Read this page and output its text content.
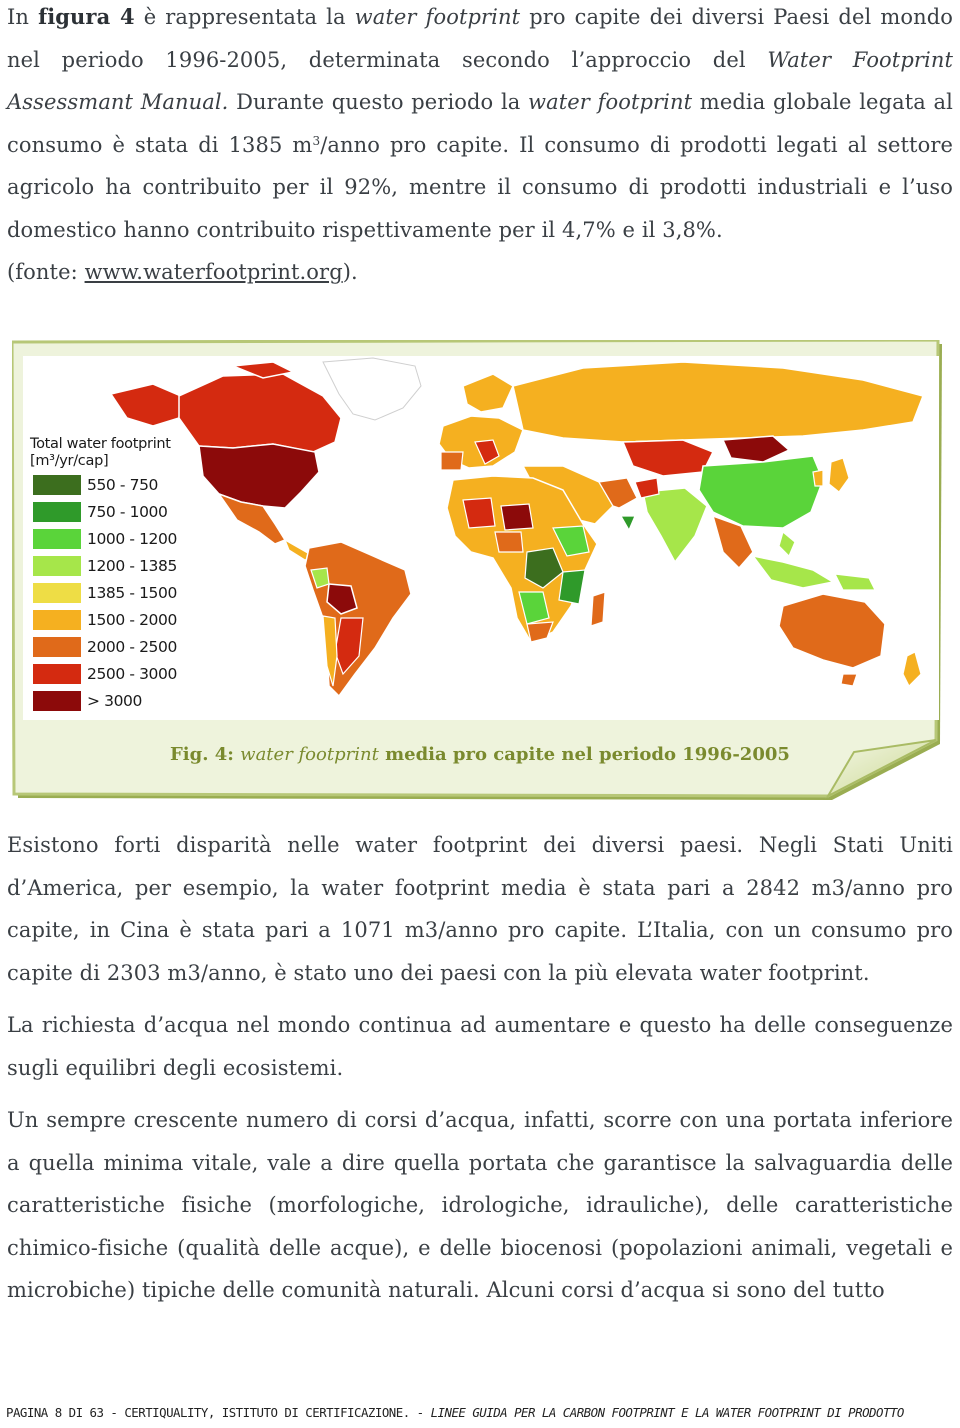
In figura 4 è rappresentata la water footprint pro capite dei diversi Paesi del mondo nel periodo 1996-2005, determinata secondo l’approccio del Water Footprint Assessmant Manual. Durante questo periodo la water footprint media globale legata al consumo è stata di 1385 $m^3$/anno pro capite. Il consumo di prodotti legati al settore agricolo ha contribuito per il 92%, mentre il consumo di prodotti industriali e l’uso domestico hanno contribuito rispettivamente per il 4,7% e il 3,8%.
(fonte: www.waterfootprint.org).

Total water footprint
[m³/yr/cap]
550 - 750
750 - 1000
1000 - 1200
1200 - 1385
1385 - 1500
1500 - 2000
2000 - 2500
2500 - 3000
> 3000
Fig. 4: water footprint media pro capite nel periodo 1996-2005

Esistono forti disparità nelle water footprint dei diversi paesi. Negli Stati Uniti d’America, per esempio, la water footprint media è stata pari a 2842 m3/anno pro capite, in Cina è stata pari a 1071 m3/anno pro capite. L’Italia, con un consumo pro capite di 2303 m3/anno, è stato uno dei paesi con la più elevata water footprint.

La richiesta d’acqua nel mondo continua ad aumentare e questo ha delle conseguenze sugli equilibri degli ecosistemi.

Un sempre crescente numero di corsi d’acqua, infatti, scorre con una portata inferiore a quella minima vitale, vale a dire quella portata che garantisce la salvaguardia delle caratteristiche fisiche (morfologiche, idrologiche, idrauliche), delle caratteristiche chimico-fisiche (qualità delle acque), e delle biocenosi (popolazioni animali, vegetali e microbiche) tipiche delle comunità naturali. Alcuni corsi d’acqua si sono del tutto

PAGINA 8 DI 63 - CERTIQUALITY, ISTITUTO DI CERTIFICAZIONE. - LINEE GUIDA PER LA CARBON FOOTPRINT E LA WATER FOOTPRINT DI PRODOTTO
